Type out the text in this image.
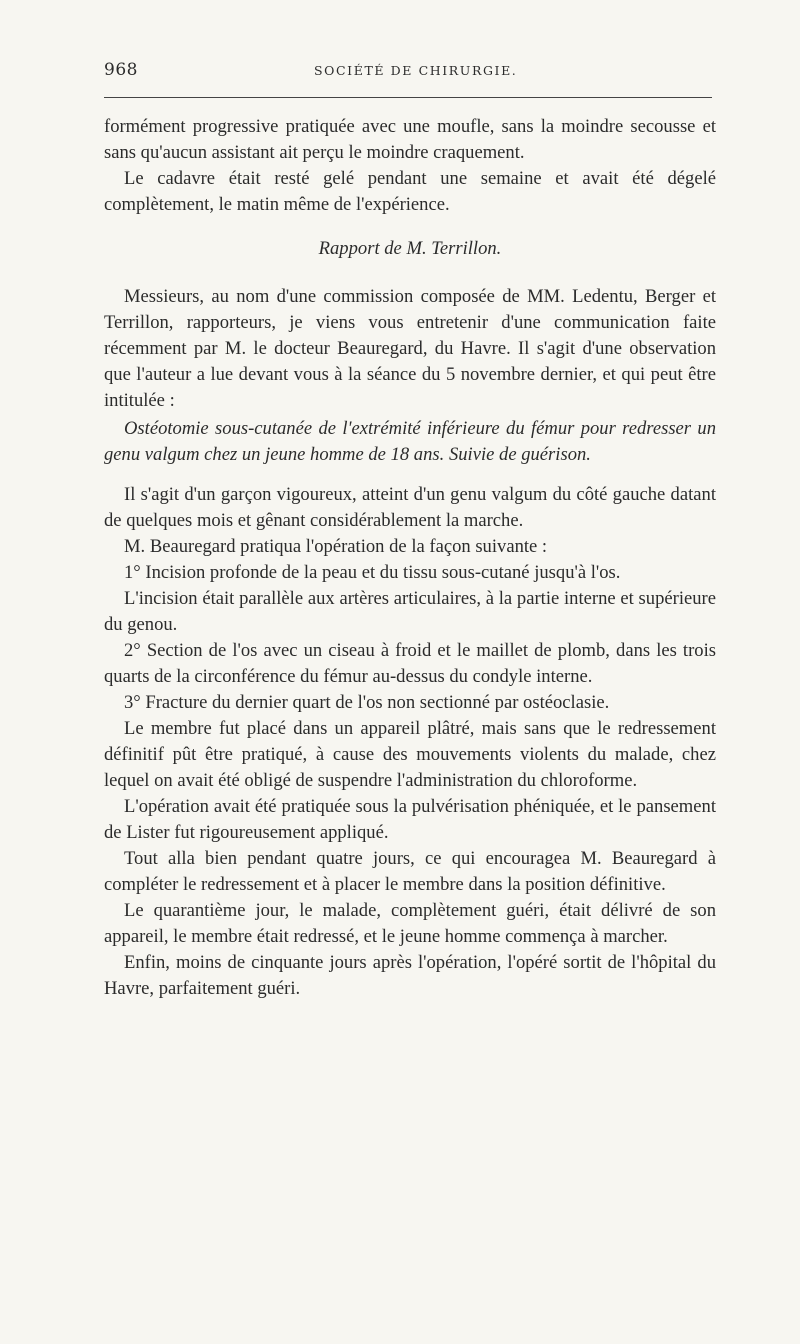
968	SOCIÉTÉ DE CHIRURGIE.

formément progressive pratiquée avec une moufle, sans la moindre secousse et sans qu'aucun assistant ait perçu le moindre craquement.

Le cadavre était resté gelé pendant une semaine et avait été dégelé complètement, le matin même de l'expérience.

Rapport de M. Terrillon.

Messieurs, au nom d'une commission composée de MM. Ledentu, Berger et Terrillon, rapporteurs, je viens vous entretenir d'une communication faite récemment par M. le docteur Beauregard, du Havre. Il s'agit d'une observation que l'auteur a lue devant vous à la séance du 5 novembre dernier, et qui peut être intitulée :

Ostéotomie sous-cutanée de l'extrémité inférieure du fémur pour redresser un genu valgum chez un jeune homme de 18 ans. Suivie de guérison.

Il s'agit d'un garçon vigoureux, atteint d'un genu valgum du côté gauche datant de quelques mois et gênant considérablement la marche.

M. Beauregard pratiqua l'opération de la façon suivante :

1° Incision profonde de la peau et du tissu sous-cutané jusqu'à l'os.

L'incision était parallèle aux artères articulaires, à la partie interne et supérieure du genou.

2° Section de l'os avec un ciseau à froid et le maillet de plomb, dans les trois quarts de la circonférence du fémur au-dessus du condyle interne.

3° Fracture du dernier quart de l'os non sectionné par ostéoclasie.

Le membre fut placé dans un appareil plâtré, mais sans que le redressement définitif pût être pratiqué, à cause des mouvements violents du malade, chez lequel on avait été obligé de suspendre l'administration du chloroforme.

L'opération avait été pratiquée sous la pulvérisation phéniquée, et le pansement de Lister fut rigoureusement appliqué.

Tout alla bien pendant quatre jours, ce qui encouragea M. Beauregard à compléter le redressement et à placer le membre dans la position définitive.

Le quarantième jour, le malade, complètement guéri, était délivré de son appareil, le membre était redressé, et le jeune homme commença à marcher.

Enfin, moins de cinquante jours après l'opération, l'opéré sortit de l'hôpital du Havre, parfaitement guéri.
